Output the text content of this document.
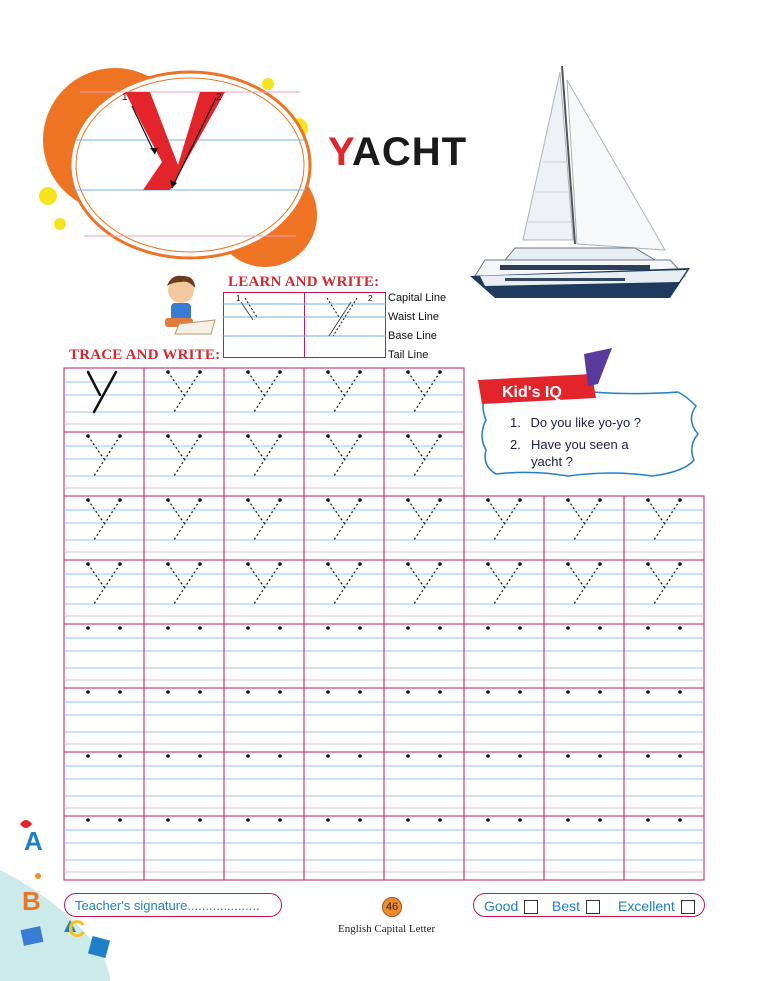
1	2
YACHT
LEARN AND WRITE:
TRACE AND WRITE:
1	2 Capital Line
Waist Line
Base Line
Tail Line
Kid's IQ
1. Do you like yo-yo ?
2. Have you seen a yacht ?
Teacher's signature....................	46
English Capital Letter
Good	Best	Excellent
A
B
C
